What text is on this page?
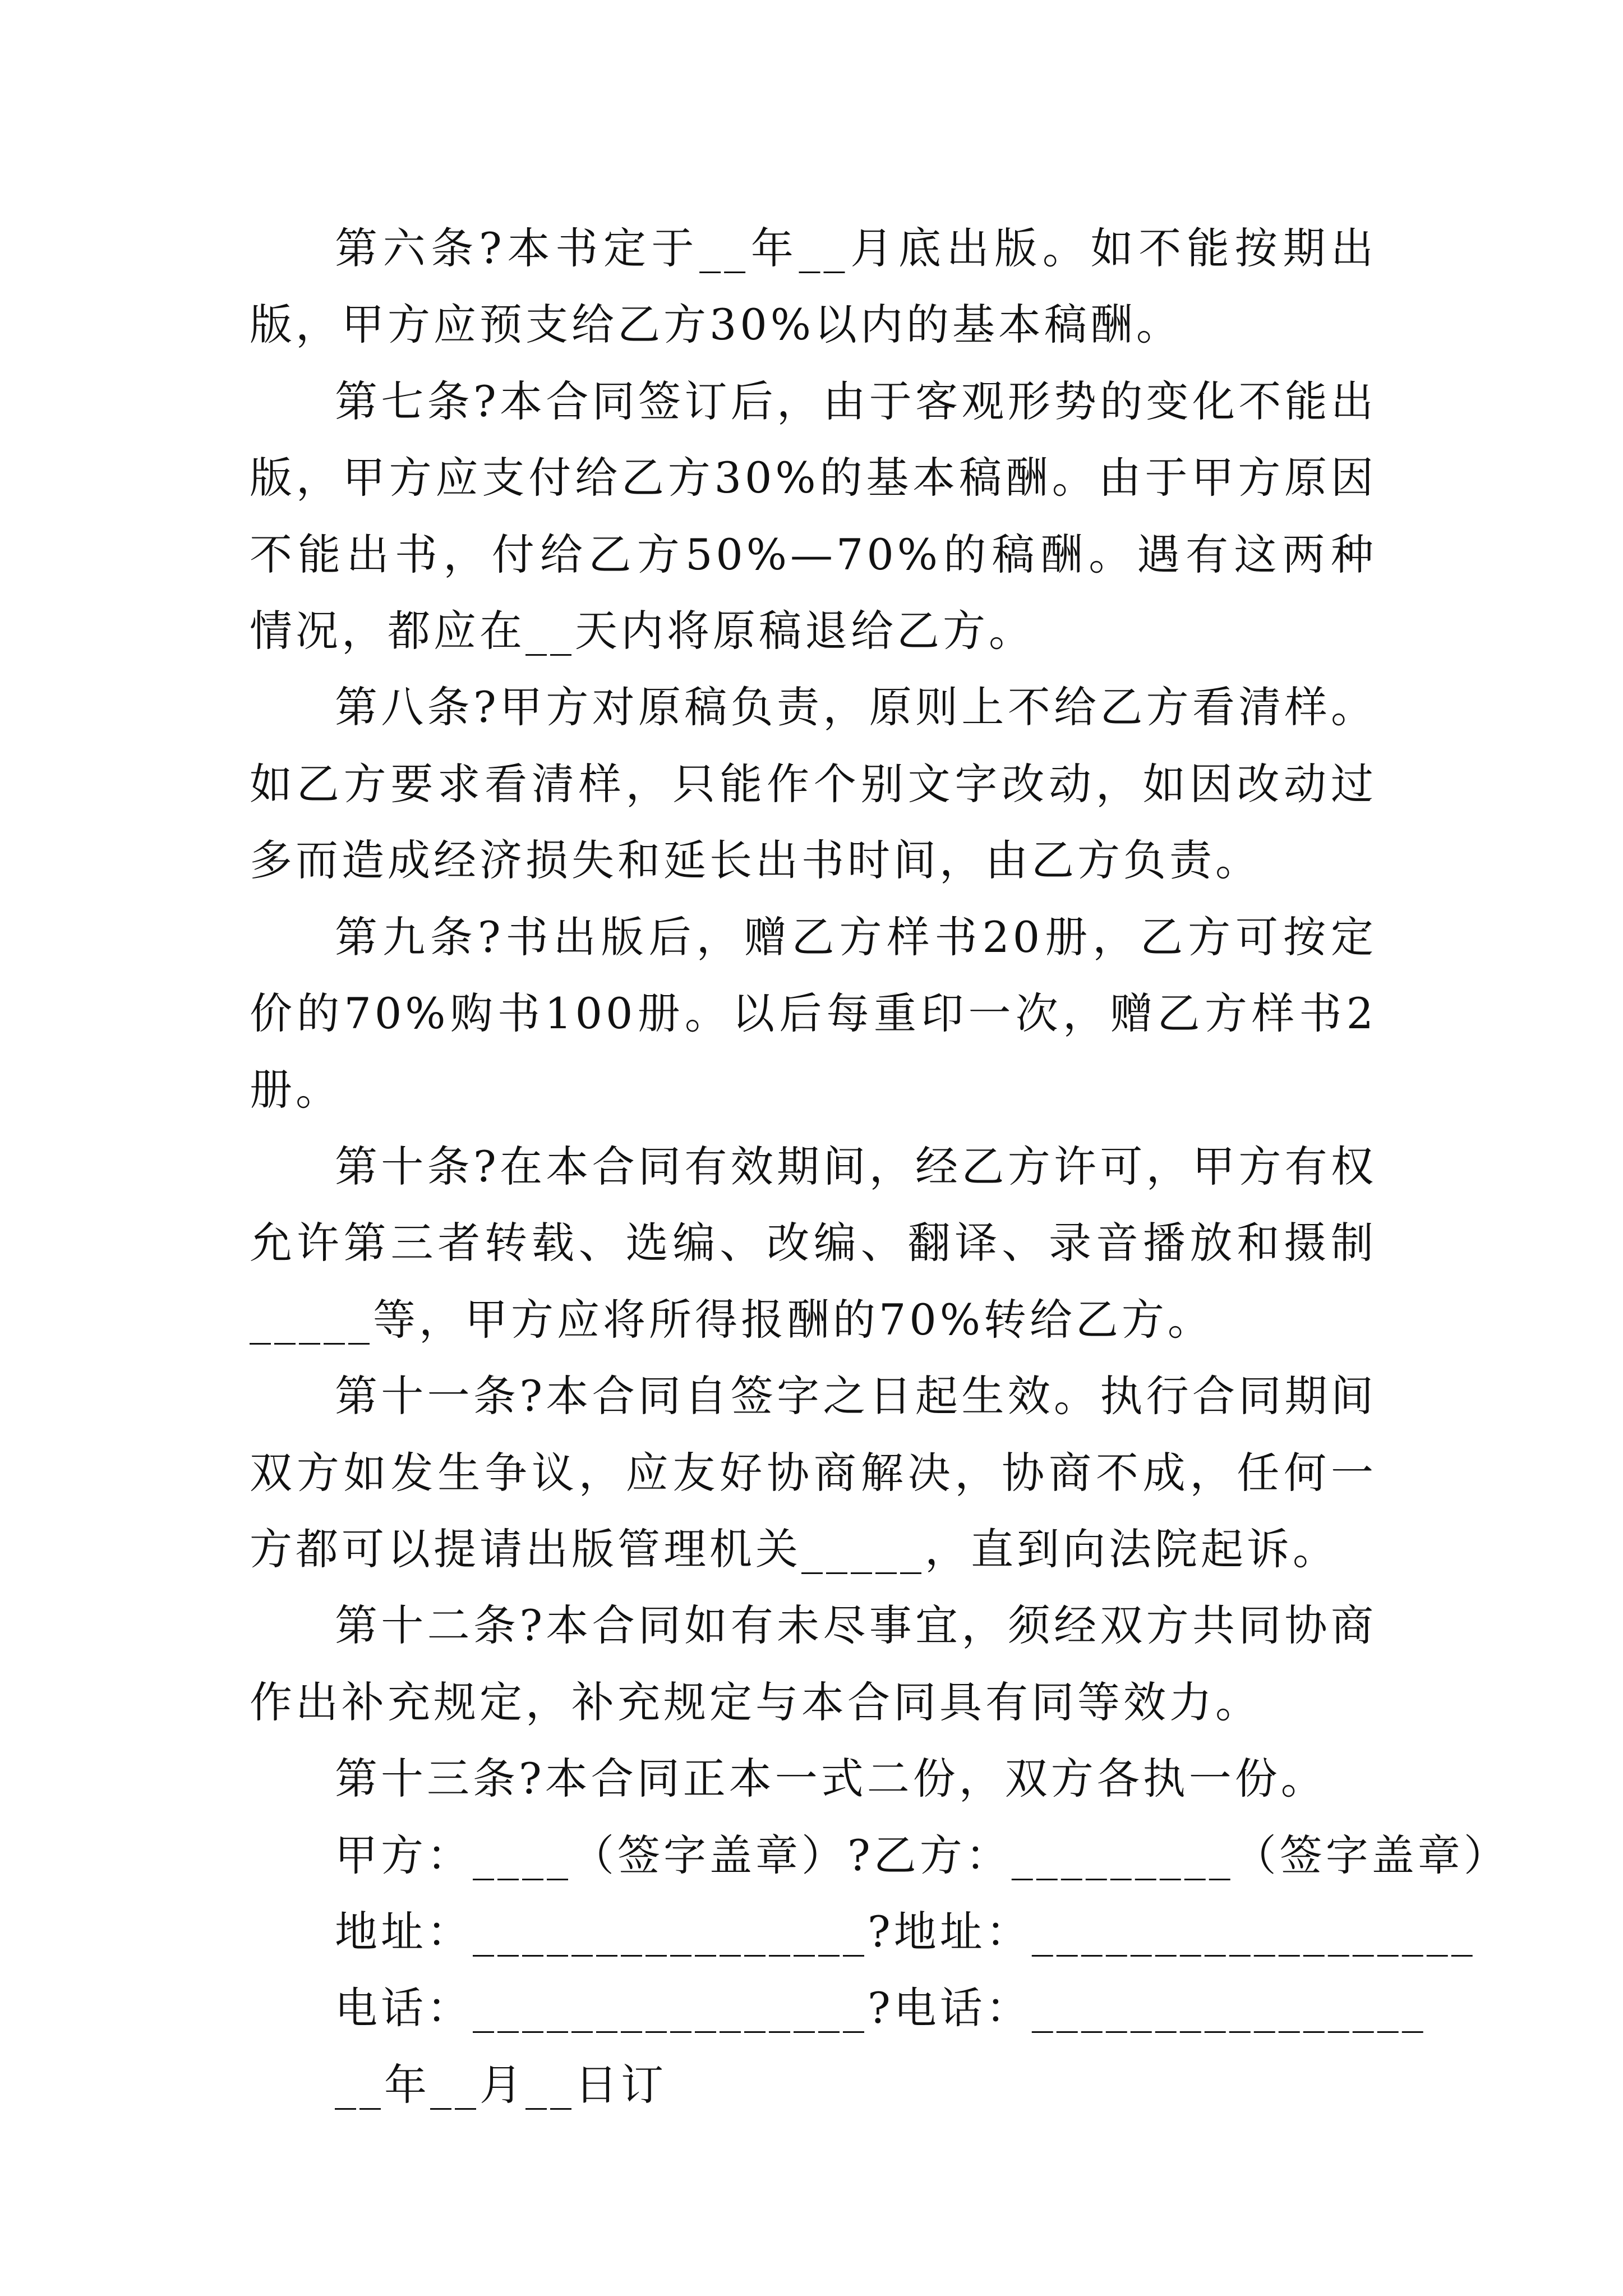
第六条?本书定于__年__月底出版。如不能按期出版，甲方应预支给乙方30%以内的基本稿酬。

第七条?本合同签订后，由于客观形势的变化不能出版，甲方应支付给乙方30%的基本稿酬。由于甲方原因不能出书，付给乙方50%—70%的稿酬。遇有这两种情况，都应在__天内将原稿退给乙方。

第八条?甲方对原稿负责，原则上不给乙方看清样。如乙方要求看清样，只能作个别文字改动，如因改动过多而造成经济损失和延长出书时间，由乙方负责。

第九条?书出版后，赠乙方样书20册，乙方可按定价的70%购书100册。以后每重印一次，赠乙方样书2册。

第十条?在本合同有效期间，经乙方许可，甲方有权允许第三者转载、选编、改编、翻译、录音播放和摄制_____等，甲方应将所得报酬的70%转给乙方。

第十一条?本合同自签字之日起生效。执行合同期间双方如发生争议，应友好协商解决，协商不成，任何一方都可以提请出版管理机关_____，直到向法院起诉。

第十二条?本合同如有未尽事宜，须经双方共同协商作出补充规定，补充规定与本合同具有同等效力。

第十三条?本合同正本一式二份，双方各执一份。

甲方：____（签字盖章）?乙方：_________（签字盖章）

地址：________________?地址：__________________

电话：________________?电话：________________

__年__月__日订
